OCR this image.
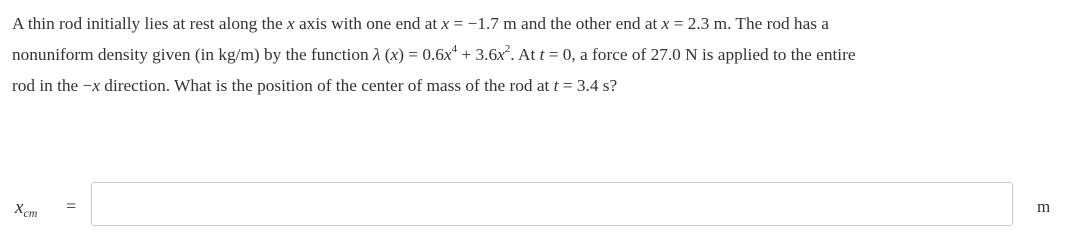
A thin rod initially lies at rest along the x axis with one end at x = −1.7 m and the other end at x = 2.3 m. The rod has a
nonuniform density given (in kg/m) by the function λ $(x) = 0.6x^4 + 3.6x^2$. At t = 0, a force of 27.0 N is applied to the entire
rod in the −x direction. What is the position of the center of mass of the rod at t = 3.4 s?
$x_{cm}$ =	m
